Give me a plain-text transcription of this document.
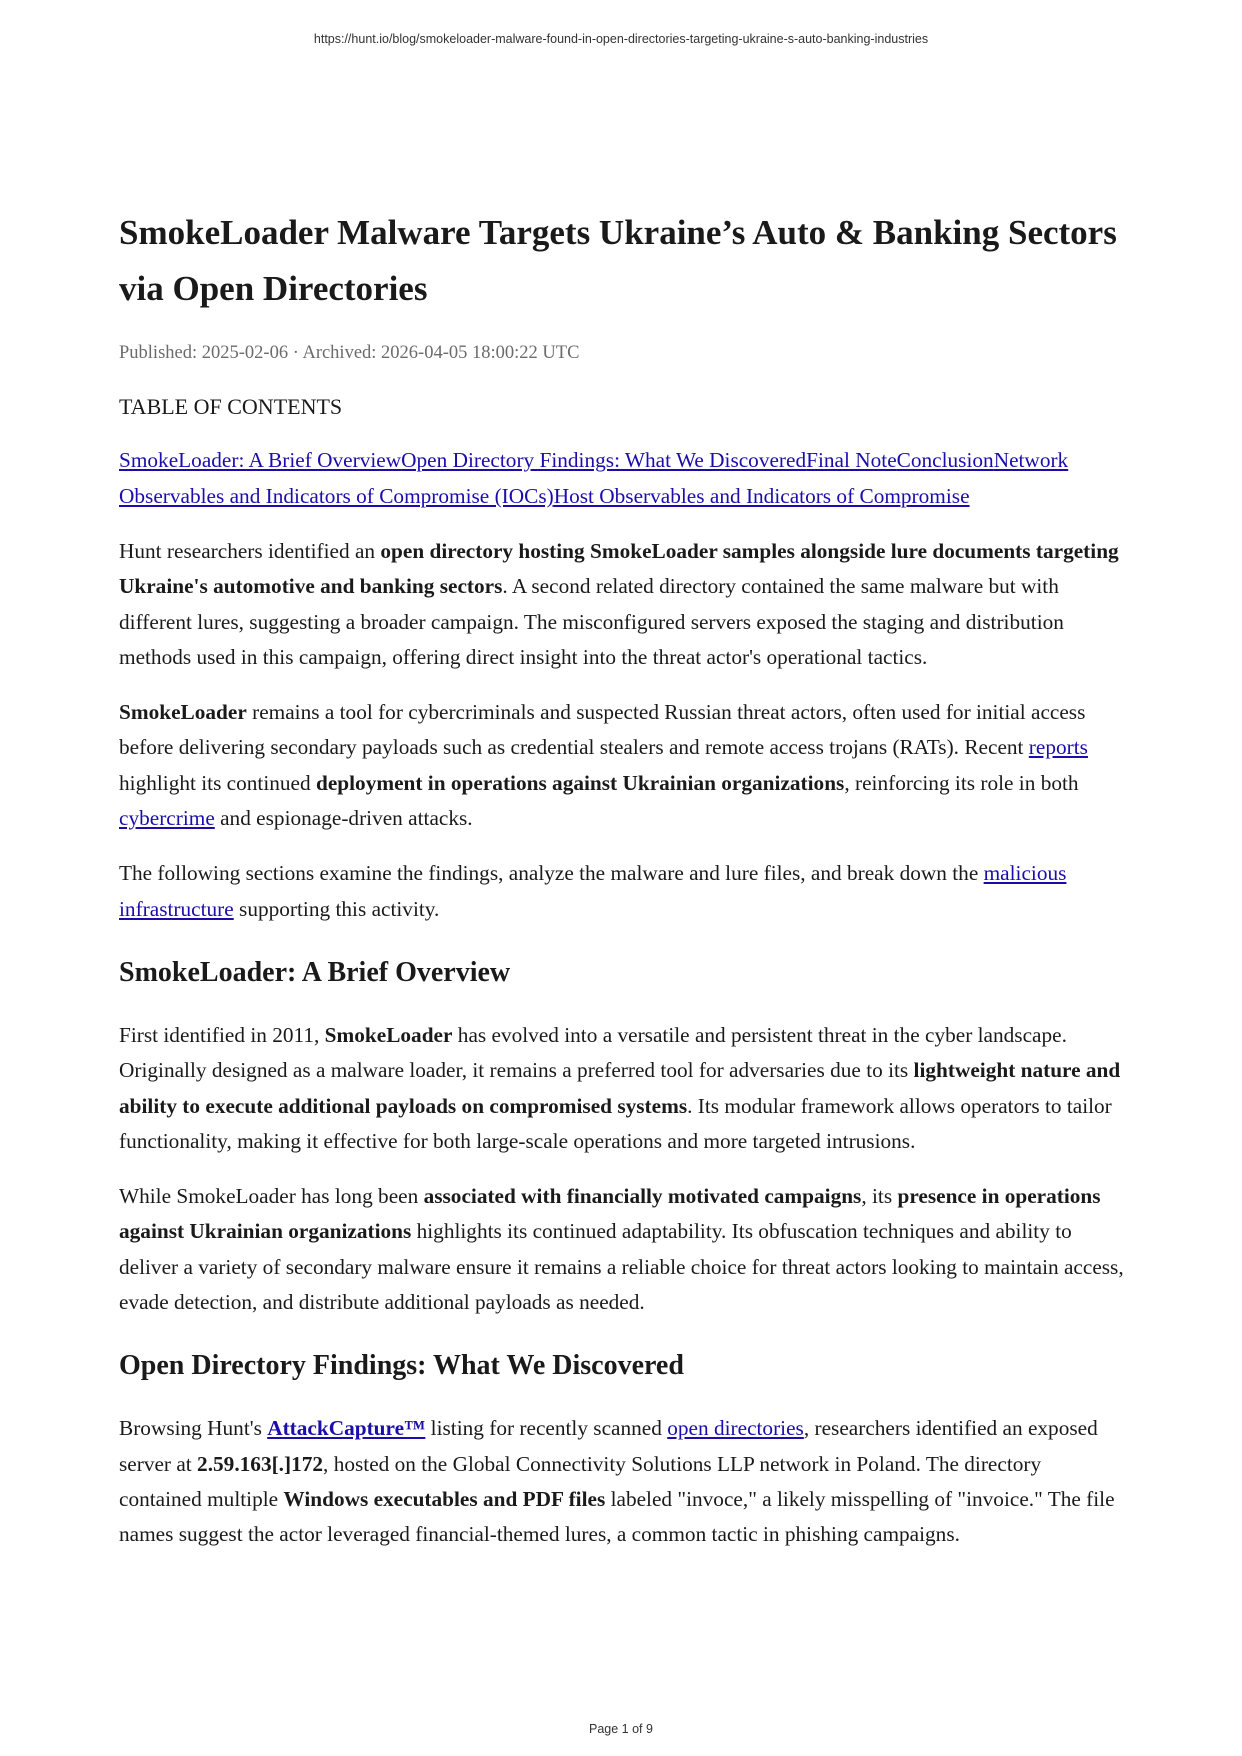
https://hunt.io/blog/smokeloader-malware-found-in-open-directories-targeting-ukraine-s-auto-banking-industries
SmokeLoader Malware Targets Ukraine’s Auto & Banking Sectors via Open Directories
Published: 2025-02-06 · Archived: 2026-04-05 18:00:22 UTC
TABLE OF CONTENTS
SmokeLoader: A Brief OverviewOpen Directory Findings: What We DiscoveredFinal NoteConclusionNetwork Observables and Indicators of Compromise (IOCs)Host Observables and Indicators of Compromise

Hunt researchers identified an open directory hosting SmokeLoader samples alongside lure documents targeting Ukraine's automotive and banking sectors. A second related directory contained the same malware but with different lures, suggesting a broader campaign. The misconfigured servers exposed the staging and distribution methods used in this campaign, offering direct insight into the threat actor's operational tactics.

SmokeLoader remains a tool for cybercriminals and suspected Russian threat actors, often used for initial access before delivering secondary payloads such as credential stealers and remote access trojans (RATs). Recent reports highlight its continued deployment in operations against Ukrainian organizations, reinforcing its role in both cybercrime and espionage-driven attacks.

The following sections examine the findings, analyze the malware and lure files, and break down the malicious infrastructure supporting this activity.

SmokeLoader: A Brief Overview

First identified in 2011, SmokeLoader has evolved into a versatile and persistent threat in the cyber landscape. Originally designed as a malware loader, it remains a preferred tool for adversaries due to its lightweight nature and ability to execute additional payloads on compromised systems. Its modular framework allows operators to tailor functionality, making it effective for both large-scale operations and more targeted intrusions.

While SmokeLoader has long been associated with financially motivated campaigns, its presence in operations against Ukrainian organizations highlights its continued adaptability. Its obfuscation techniques and ability to deliver a variety of secondary malware ensure it remains a reliable choice for threat actors looking to maintain access, evade detection, and distribute additional payloads as needed.

Open Directory Findings: What We Discovered

Browsing Hunt's AttackCapture™ listing for recently scanned open directories, researchers identified an exposed server at 2.59.163[.]172, hosted on the Global Connectivity Solutions LLP network in Poland. The directory contained multiple Windows executables and PDF files labeled "invoce," a likely misspelling of "invoice." The file names suggest the actor leveraged financial-themed lures, a common tactic in phishing campaigns.

Page 1 of 9
